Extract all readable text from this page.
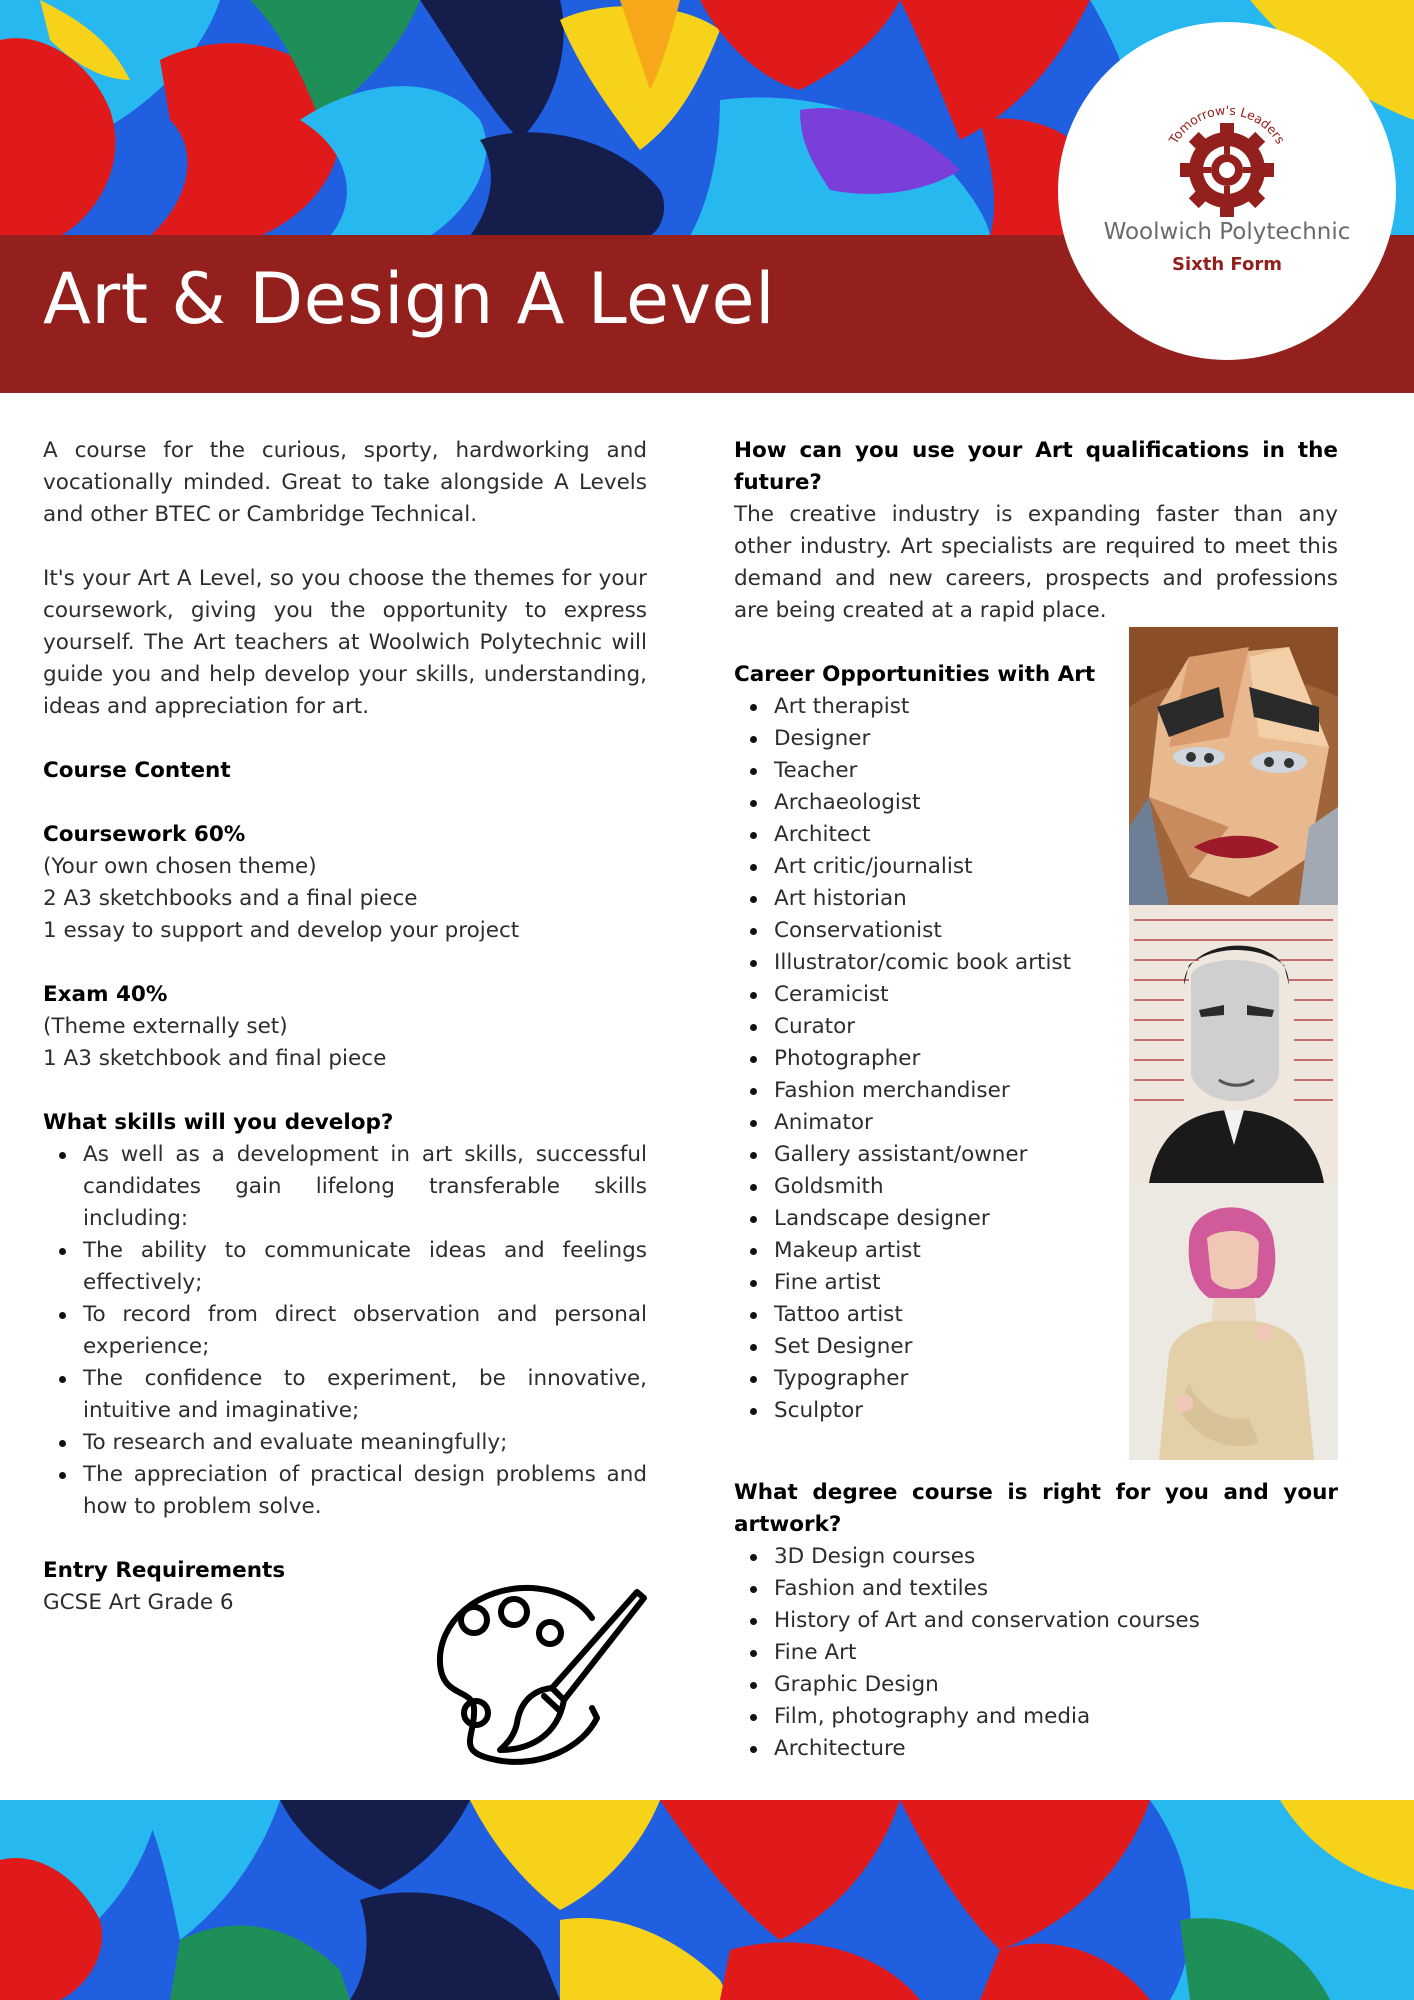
Art & Design A Level
Tomorrow's Leaders
Woolwich Polytechnic
Sixth Form

A course for the curious, sporty, hardworking and vocationally minded. Great to take alongside A Levels and other BTEC or Cambridge Technical.

It's your Art A Level, so you choose the themes for your coursework, giving you the opportunity to express yourself. The Art teachers at Woolwich Polytechnic will guide you and help develop your skills, understanding, ideas and appreciation for art.

Course Content
Coursework 60%
(Your own chosen theme)
2 A3 sketchbooks and a final piece
1 essay to support and develop your project
Exam 40%
(Theme externally set)
1 A3 sketchbook and final piece
What skills will you develop?
As well as a development in art skills, successful candidates gain lifelong transferable skills including:
The ability to communicate ideas and feelings effectively;
To record from direct observation and personal experience;
The confidence to experiment, be innovative, intuitive and imaginative;
To research and evaluate meaningfully;
The appreciation of practical design problems and how to problem solve.
Entry Requirements
GCSE Art Grade 6
How can you use your Art qualifications in the future?

The creative industry is expanding faster than any other industry. Art specialists are required to meet this demand and new careers, prospects and professions are being created at a rapid place.

Career Opportunities with Art
Art therapist
Designer
Teacher
Archaeologist
Architect
Art critic/journalist
Art historian
Conservationist
Illustrator/comic book artist
Ceramicist
Curator
Photographer
Fashion merchandiser
Animator
Gallery assistant/owner
Goldsmith
Landscape designer
Makeup artist
Fine artist
Tattoo artist
Set Designer
Typographer
Sculptor
What degree course is right for you and your artwork?
3D Design courses
Fashion and textiles
History of Art and conservation courses
Fine Art
Graphic Design
Film, photography and media
Architecture
